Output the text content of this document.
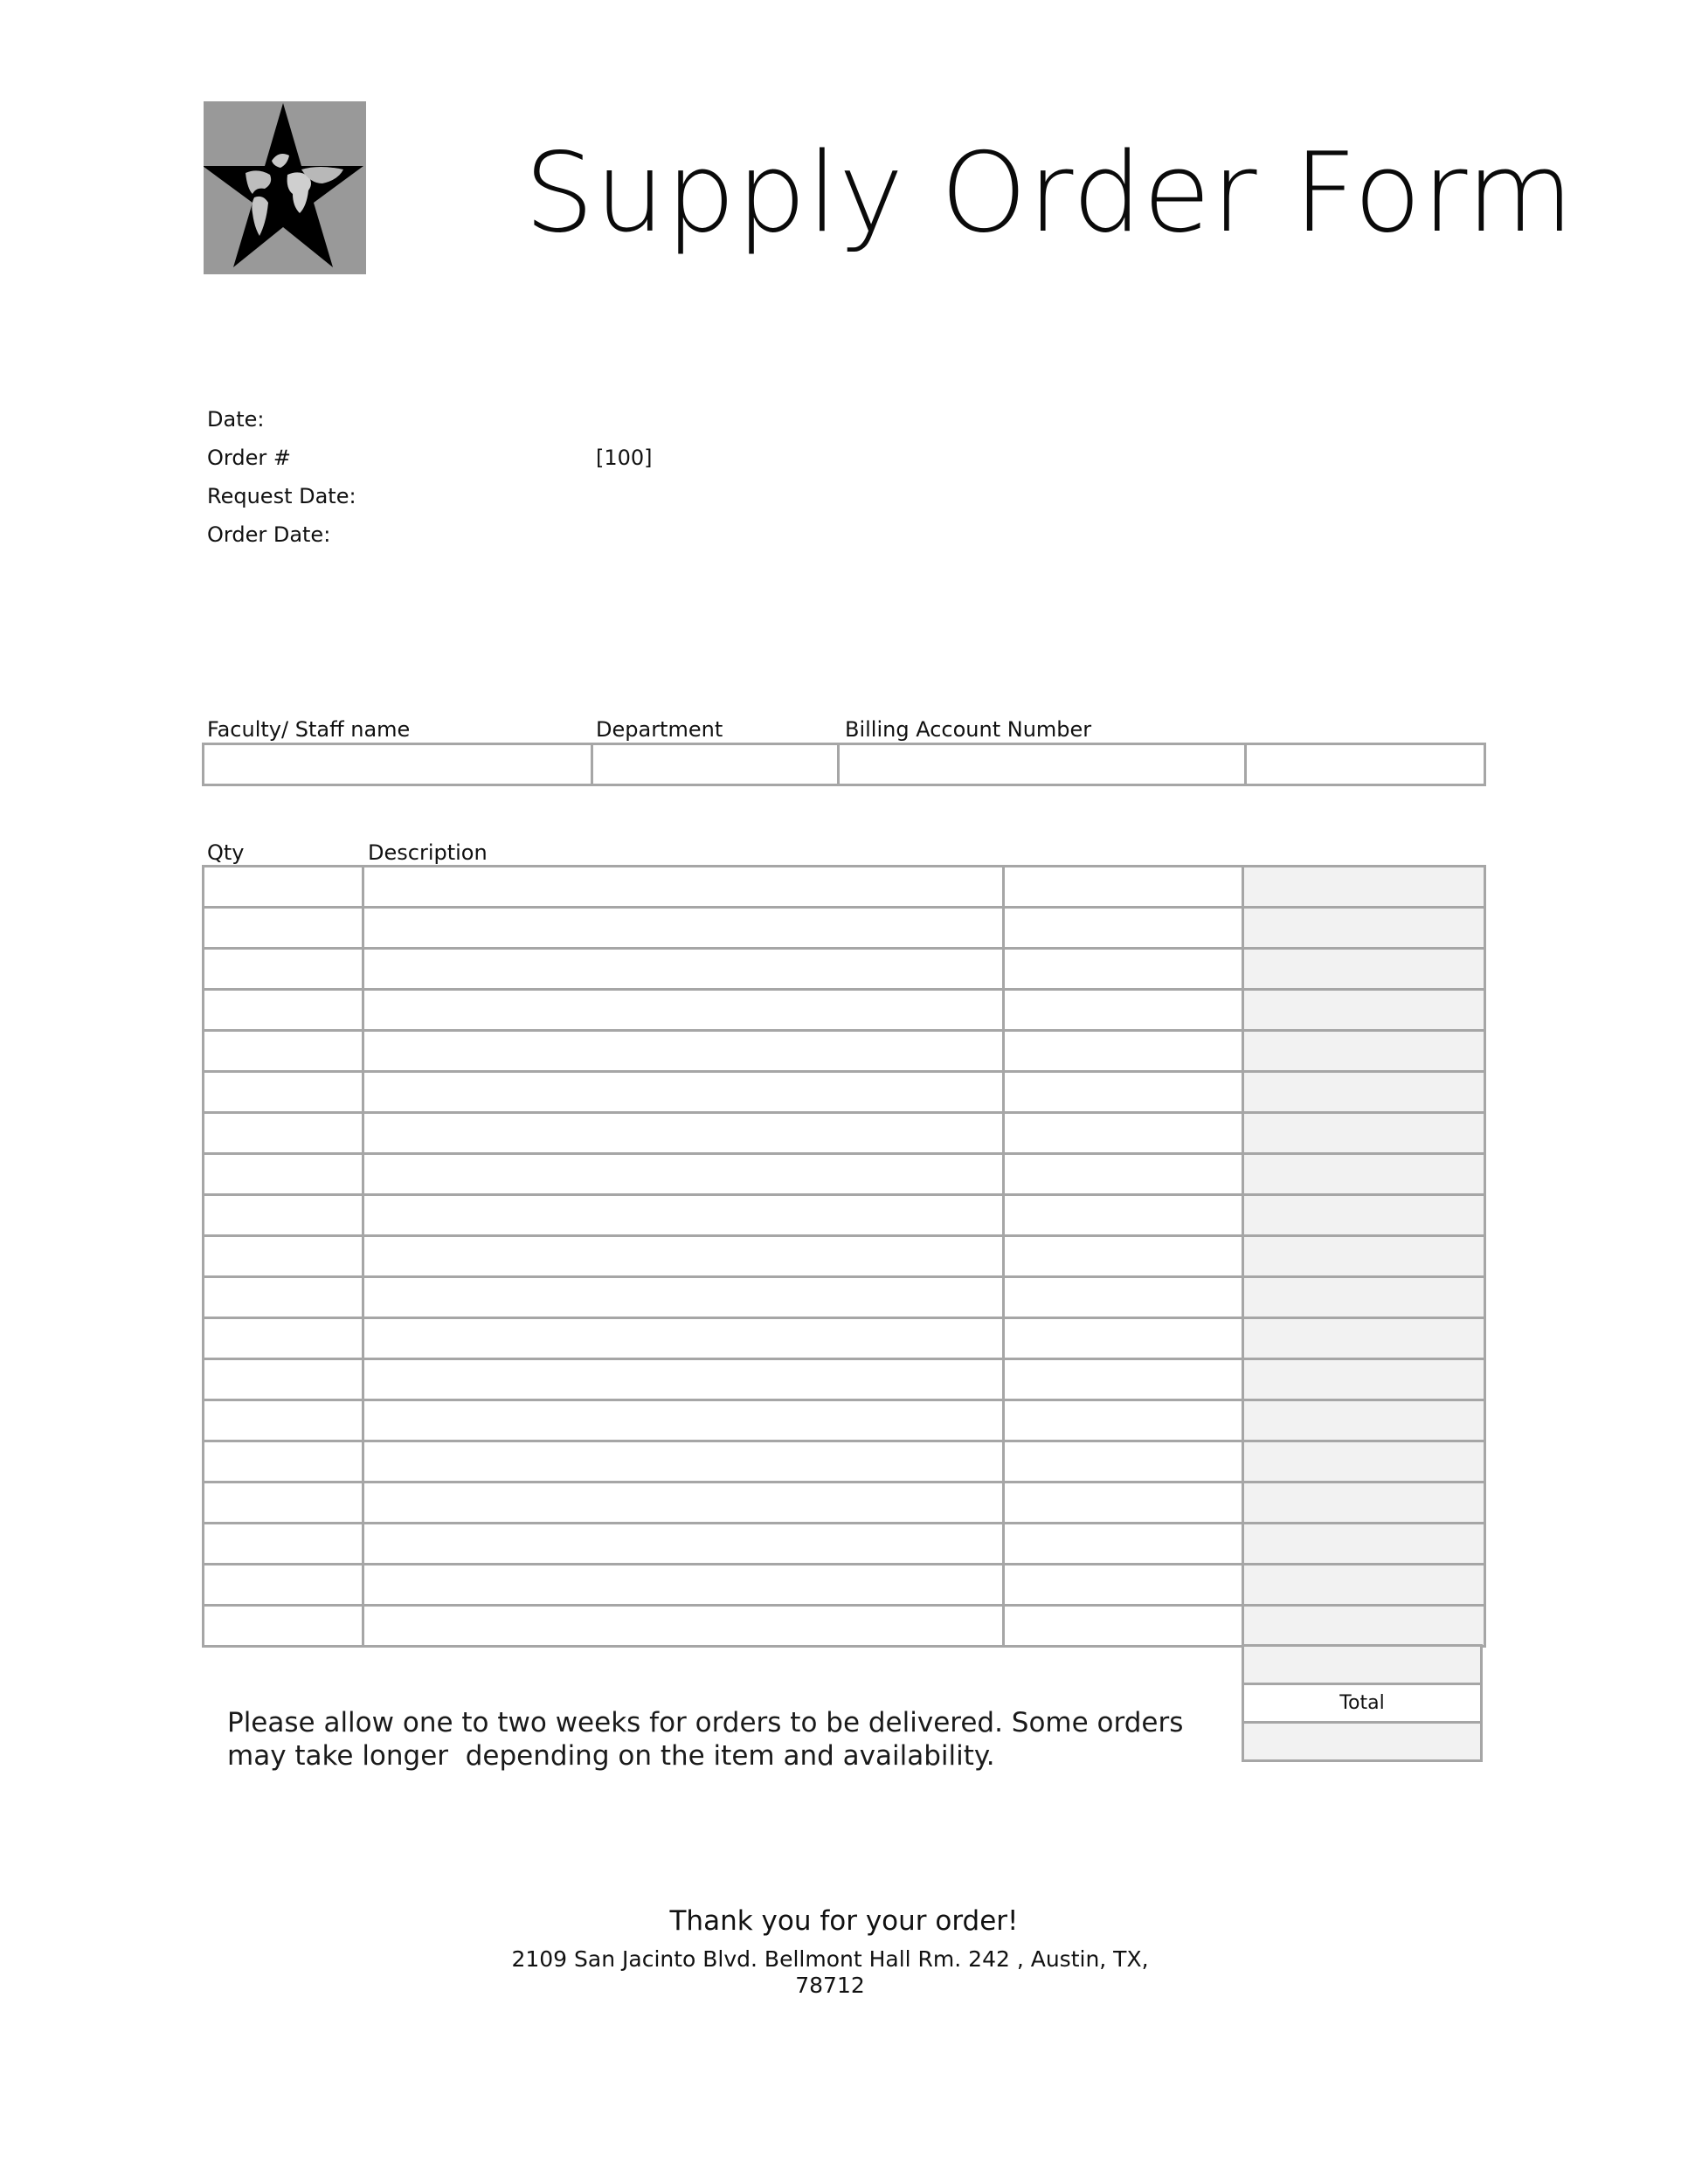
Supply Order Form
Date:
Order #	[100]
Request Date:
Order Date:
Faculty/ Staff name	Department	Billing Account Number

Qty	Description

Total

Please allow one to two weeks for orders to be delivered. Some orders
may take longer  depending on the item and availability.
Thank you for your order!
2109 San Jacinto Blvd. Bellmont Hall Rm. 242 , Austin, TX, 78712
